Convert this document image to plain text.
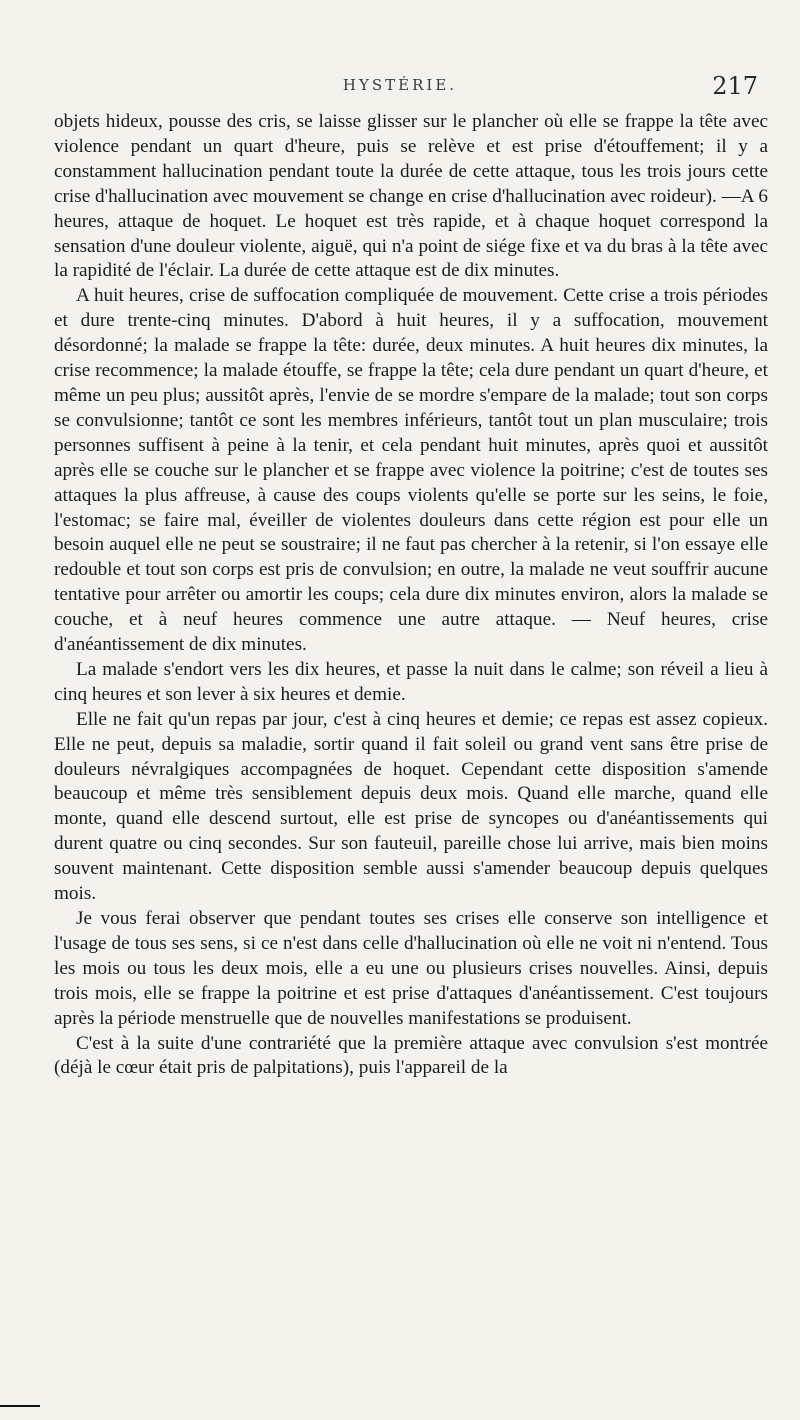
HYSTÉRIE.	217

objets hideux, pousse des cris, se laisse glisser sur le plancher où elle se frappe la tête avec violence pendant un quart d'heure, puis se relève et est prise d'étouffement; il y a constamment hallucination pendant toute la durée de cette attaque, tous les trois jours cette crise d'hallucination avec mouvement se change en crise d'hallucination avec roideur). —A 6 heures, attaque de hoquet. Le hoquet est très rapide, et à chaque hoquet correspond la sensation d'une douleur violente, aiguë, qui n'a point de siége fixe et va du bras à la tête avec la rapidité de l'éclair. La durée de cette attaque est de dix minutes.

A huit heures, crise de suffocation compliquée de mouvement. Cette crise a trois périodes et dure trente-cinq minutes. D'abord à huit heures, il y a suffocation, mouvement désordonné; la malade se frappe la tête: durée, deux minutes. A huit heures dix minutes, la crise recommence; la malade étouffe, se frappe la tête; cela dure pendant un quart d'heure, et même un peu plus; aussitôt après, l'envie de se mordre s'empare de la malade; tout son corps se convulsionne; tantôt ce sont les membres inférieurs, tantôt tout un plan musculaire; trois personnes suffisent à peine à la tenir, et cela pendant huit minutes, après quoi et aussitôt après elle se couche sur le plancher et se frappe avec violence la poitrine; c'est de toutes ses attaques la plus affreuse, à cause des coups violents qu'elle se porte sur les seins, le foie, l'estomac; se faire mal, éveiller de violentes douleurs dans cette région est pour elle un besoin auquel elle ne peut se soustraire; il ne faut pas chercher à la retenir, si l'on essaye elle redouble et tout son corps est pris de convulsion; en outre, la malade ne veut souffrir aucune tentative pour arrêter ou amortir les coups; cela dure dix minutes environ, alors la malade se couche, et à neuf heures commence une autre attaque. — Neuf heures, crise d'anéantissement de dix minutes.

La malade s'endort vers les dix heures, et passe la nuit dans le calme; son réveil a lieu à cinq heures et son lever à six heures et demie.

Elle ne fait qu'un repas par jour, c'est à cinq heures et demie; ce repas est assez copieux. Elle ne peut, depuis sa maladie, sortir quand il fait soleil ou grand vent sans être prise de douleurs névralgiques accompagnées de hoquet. Cependant cette disposition s'amende beaucoup et même très sensiblement depuis deux mois. Quand elle marche, quand elle monte, quand elle descend surtout, elle est prise de syncopes ou d'anéantissements qui durent quatre ou cinq secondes. Sur son fauteuil, pareille chose lui arrive, mais bien moins souvent maintenant. Cette disposition semble aussi s'amender beaucoup depuis quelques mois.

Je vous ferai observer que pendant toutes ses crises elle conserve son intelligence et l'usage de tous ses sens, si ce n'est dans celle d'hallucination où elle ne voit ni n'entend. Tous les mois ou tous les deux mois, elle a eu une ou plusieurs crises nouvelles. Ainsi, depuis trois mois, elle se frappe la poitrine et est prise d'attaques d'anéantissement. C'est toujours après la période menstruelle que de nouvelles manifestations se produisent.

C'est à la suite d'une contrariété que la première attaque avec convulsion s'est montrée (déjà le cœur était pris de palpitations), puis l'appareil de la
